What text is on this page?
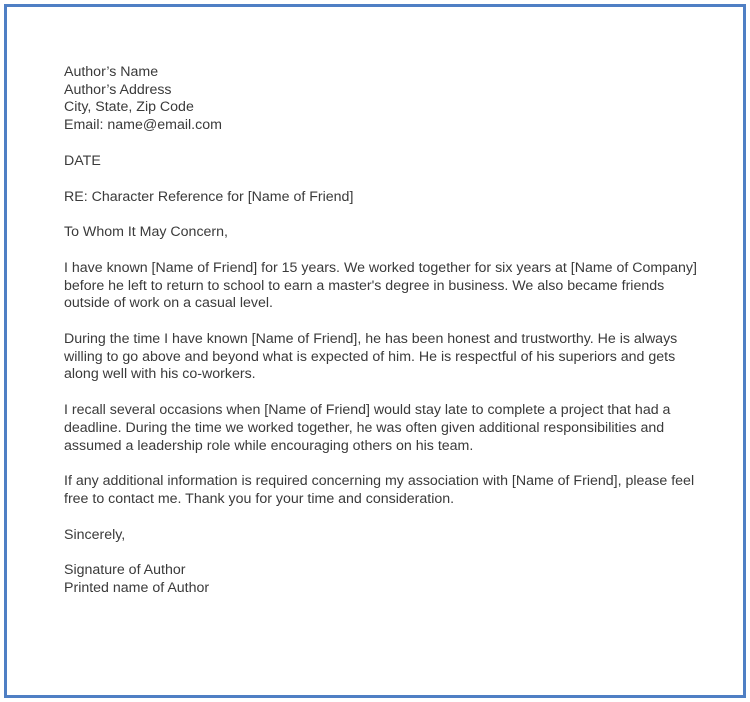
Author’s Name
Author’s Address
City, State, Zip Code
Email: name@email.com
DATE
RE: Character Reference for [Name of Friend]
To Whom It May Concern,
I have known [Name of Friend] for 15 years. We worked together for six years at [Name of Company]
before he left to return to school to earn a master's degree in business. We also became friends
outside of work on a casual level.
During the time I have known [Name of Friend], he has been honest and trustworthy. He is always
willing to go above and beyond what is expected of him. He is respectful of his superiors and gets
along well with his co-workers.
I recall several occasions when [Name of Friend] would stay late to complete a project that had a
deadline. During the time we worked together, he was often given additional responsibilities and
assumed a leadership role while encouraging others on his team.
If any additional information is required concerning my association with [Name of Friend], please feel
free to contact me. Thank you for your time and consideration.
Sincerely,
Signature of Author
Printed name of Author
